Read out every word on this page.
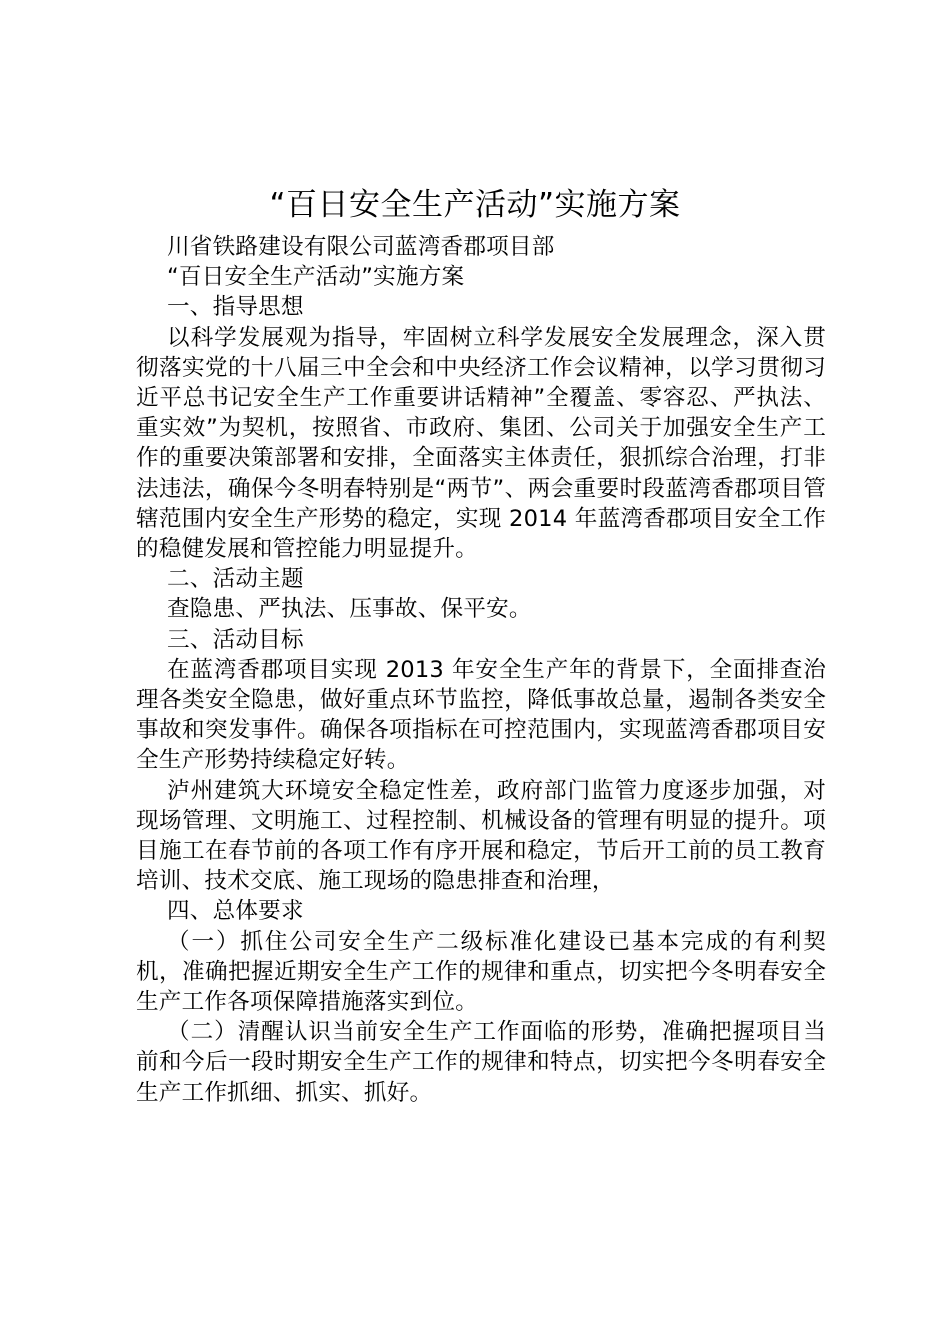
“百日安全生产活动”实施方案

川省铁路建设有限公司蓝湾香郡项目部

“百日安全生产活动”实施方案

一、指导思想

以科学发展观为指导，牢固树立科学发展安全发展理念，深入贯彻落实党的十八届三中全会和中央经济工作会议精神，以学习贯彻习近平总书记安全生产工作重要讲话精神”全覆盖、零容忍、严执法、重实效”为契机，按照省、市政府、集团、公司关于加强安全生产工作的重要决策部署和安排，全面落实主体责任，狠抓综合治理，打非法违法，确保今冬明春特别是“两节”、两会重要时段蓝湾香郡项目管辖范围内安全生产形势的稳定，实现 2014 年蓝湾香郡项目安全工作的稳健发展和管控能力明显提升。

二、活动主题

查隐患、严执法、压事故、保平安。

三、活动目标

在蓝湾香郡项目实现 2013 年安全生产年的背景下，全面排查治理各类安全隐患，做好重点环节监控，降低事故总量，遏制各类安全事故和突发事件。确保各项指标在可控范围内，实现蓝湾香郡项目安全生产形势持续稳定好转。

泸州建筑大环境安全稳定性差，政府部门监管力度逐步加强，对现场管理、文明施工、过程控制、机械设备的管理有明显的提升。项目施工在春节前的各项工作有序开展和稳定，节后开工前的员工教育培训、技术交底、施工现场的隐患排查和治理，

四、总体要求

（一）抓住公司安全生产二级标准化建设已基本完成的有利契机，准确把握近期安全生产工作的规律和重点，切实把今冬明春安全生产工作各项保障措施落实到位。

（二）清醒认识当前安全生产工作面临的形势，准确把握项目当前和今后一段时期安全生产工作的规律和特点，切实把今冬明春安全生产工作抓细、抓实、抓好。
